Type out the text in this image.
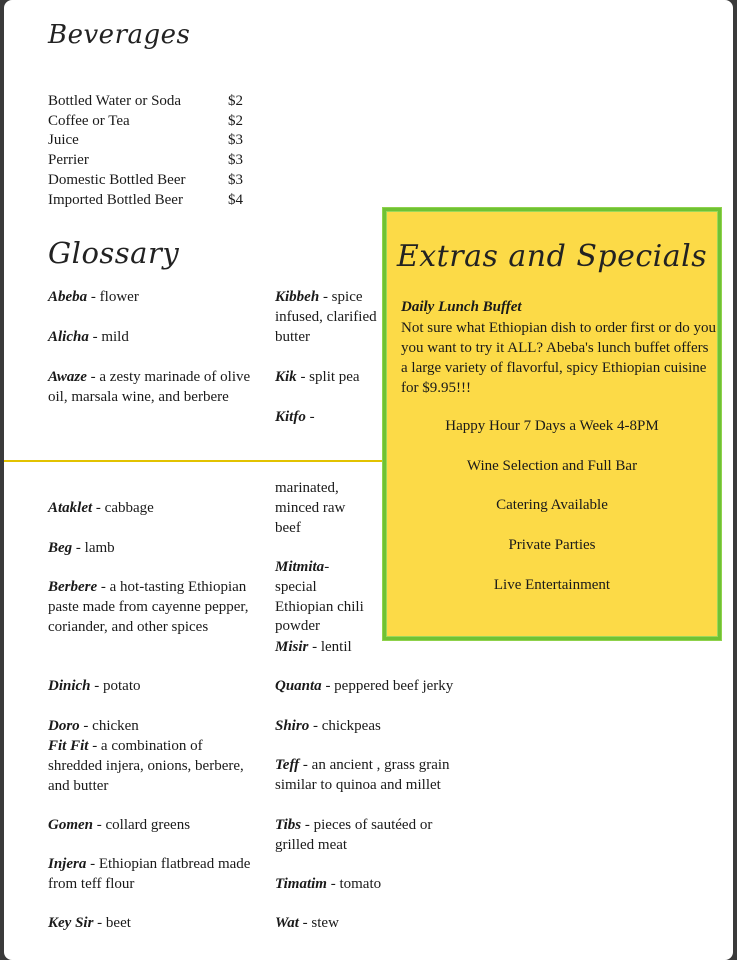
Beverages
Bottled Water or Soda	$2
Coffee or Tea	$2
Juice	$3
Perrier	$3
Domestic Bottled Beer	$3
Imported Bottled Beer	$4
Glossary
Abeba - flower
Alicha - mild
Awaze - a zesty marinade of olive oil, marsala wine, and berbere
Ataklet - cabbage
Beg - lamb
Berbere - a hot-tasting Ethiopian paste made from cayenne pepper, coriander, and other spices
Dinich - potato
Doro - chicken
Fit Fit - a combination of shredded injera, onions, berbere, and butter
Gomen - collard greens
Injera - Ethiopian flatbread made from teff flour
Key Sir - beet
Kibbeh - spice infused, clarified butter
Kik - split pea
Kitfo -
marinated, minced raw beef
Mitmita- special Ethiopian chili powder
Misir - lentil
Quanta - peppered beef jerky
Shiro - chickpeas
Teff - an ancient , grass grain similar to quinoa and millet
Tibs - pieces of sautéed or grilled meat
Timatim - tomato
Wat - stew
Extras and Specials
Daily Lunch Buffet
Not sure what Ethiopian dish to order first or do you you want to try it ALL? Abeba's lunch buffet offers a large variety of flavorful, spicy Ethiopian cuisine for $9.95!!!
Happy Hour 7 Days a Week 4-8PM
Wine Selection and Full Bar
Catering Available
Private Parties
Live Entertainment
